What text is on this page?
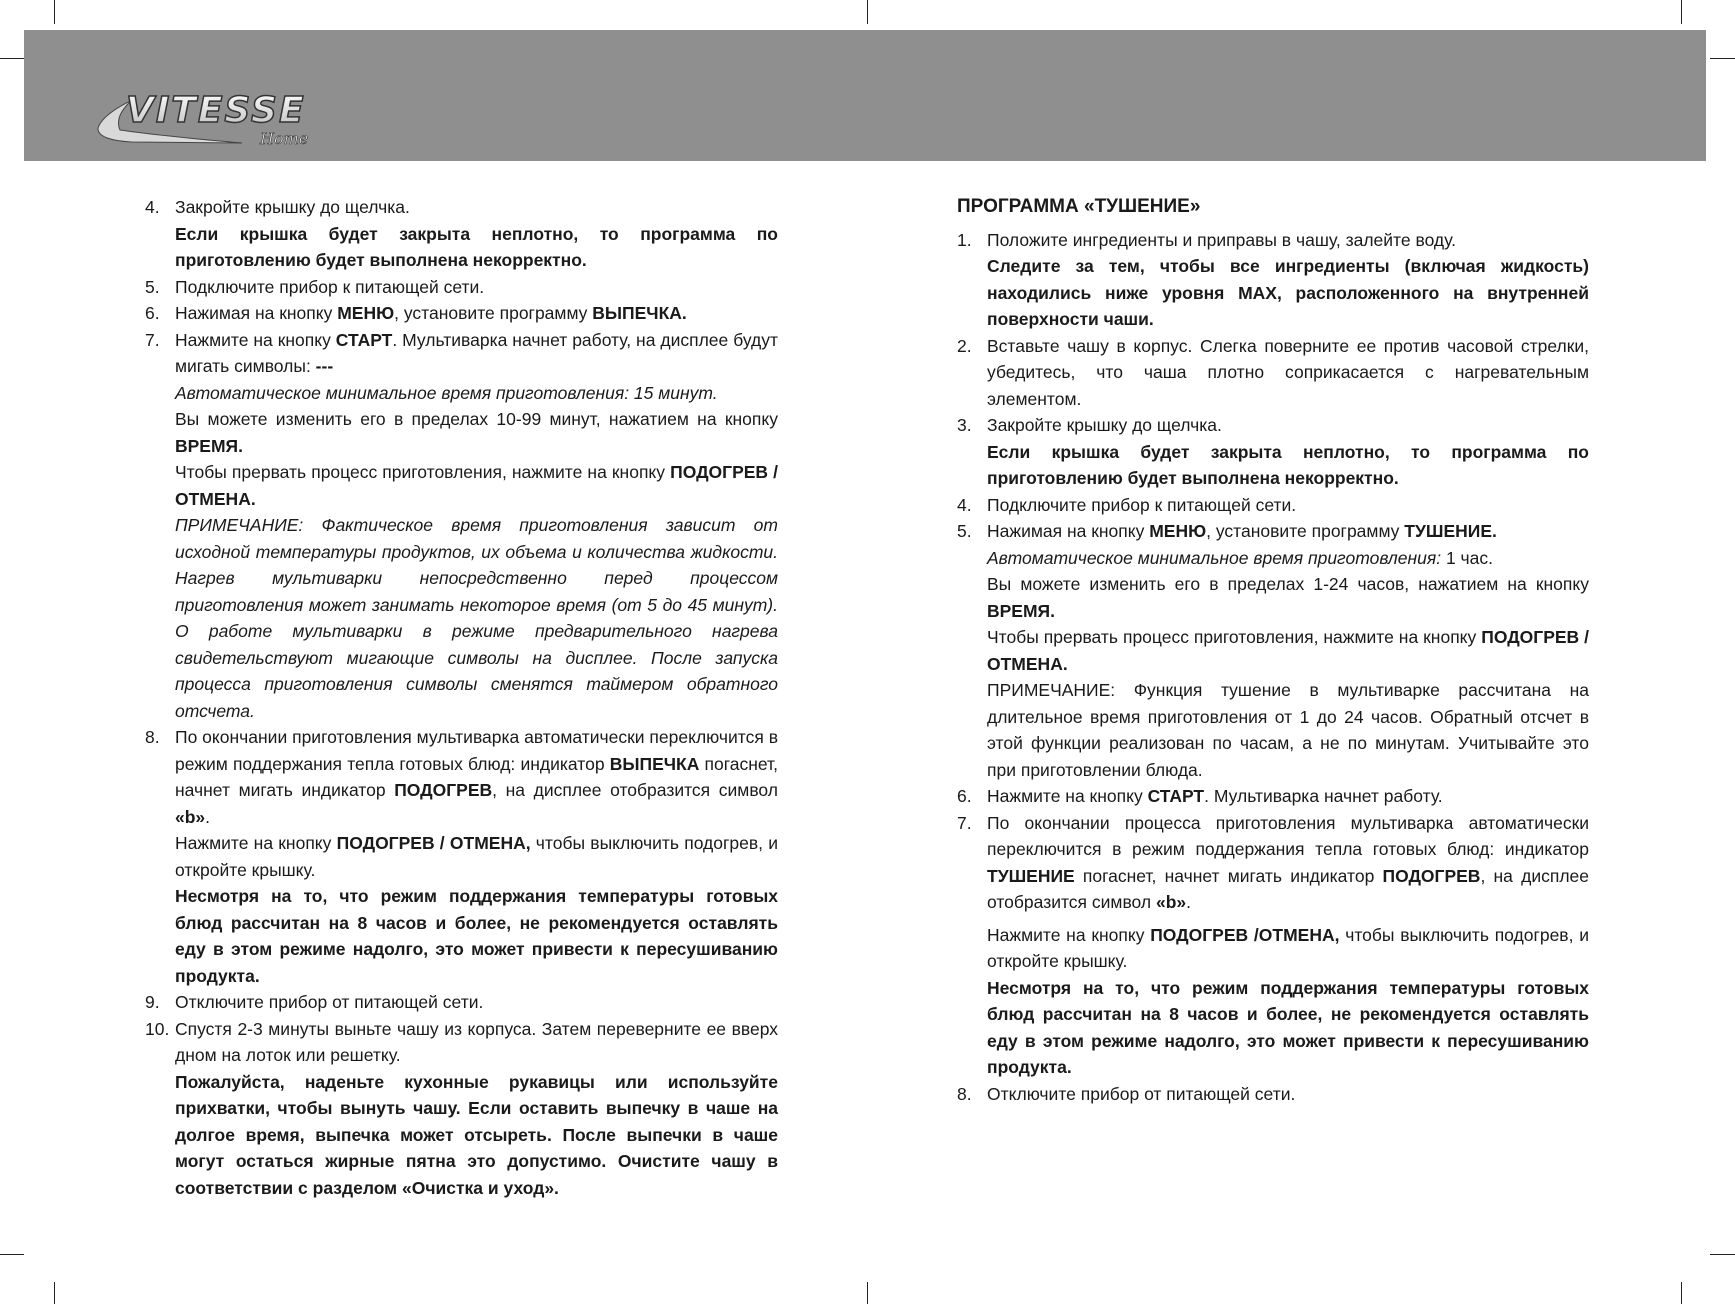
VITESSE
Home
4. Закройте крышку до щелчка.

Если крышка будет закрыта неплотно, то программа по приготовлению будет выполнена некорректно.

5. Подключите прибор к питающей сети.

6. Нажимая на кнопку МЕНЮ, установите программу ВЫПЕЧКА.

7. Нажмите на кнопку СТАРТ. Мультиварка начнет работу, на дисплее будут мигать символы: ---

Автоматическое минимальное время приготовления: 15 минут.

Вы можете изменить его в пределах 10-99 минут, нажатием на кнопку ВРЕМЯ.

Чтобы прервать процесс приготовления, нажмите на кнопку ПОДОГРЕВ /ОТМЕНА.

ПРИМЕЧАНИЕ: Фактическое время приготовления зависит от исходной температуры продуктов, их объема и количества жидкости. Нагрев мультиварки непосредственно перед процессом приготовления может занимать некоторое время (от 5 до 45 минут). О работе мультиварки в режиме предварительного нагрева свидетельствуют мигающие символы на дисплее. После запуска процесса приготовления символы сменятся таймером обратного отсчета.

8. По окончании приготовления мультиварка автоматически переключится в режим поддержания тепла готовых блюд: индикатор ВЫПЕЧКА погаснет, начнет мигать индикатор ПОДОГРЕВ, на дисплее отобразится символ «b».

Нажмите на кнопку ПОДОГРЕВ / ОТМЕНА, чтобы выключить подогрев, и откройте крышку.

Несмотря на то, что режим поддержания температуры готовых блюд рассчитан на 8 часов и более, не рекомендуется оставлять еду в этом режиме надолго, это может привести к пересушиванию продукта.

9. Отключите прибор от питающей сети.

10. Спустя 2-3 минуты выньте чашу из корпуса. Затем переверните ее вверх дном на лоток или решетку.

Пожалуйста, наденьте кухонные рукавицы или используйте прихватки, чтобы вынуть чашу. Если оставить выпечку в чаше на долгое время, выпечка может отсыреть. После выпечки в чаше могут остаться жирные пятна это допустимо. Очистите чашу в соответствии с разделом «Очистка и уход».

ПРОГРАММА «ТУШЕНИЕ»
1. Положите ингредиенты и приправы в чашу, залейте воду.

Следите за тем, чтобы все ингредиенты (включая жидкость) находились ниже уровня MAX, расположенного на внутренней поверхности чаши.

2. Вставьте чашу в корпус. Слегка поверните ее против часовой стрелки, убедитесь, что чаша плотно соприкасается с нагревательным элементом.

3. Закройте крышку до щелчка.

Если крышка будет закрыта неплотно, то программа по приготовлению будет выполнена некорректно.

4. Подключите прибор к питающей сети.

5. Нажимая на кнопку МЕНЮ, установите программу ТУШЕНИЕ.

Автоматическое минимальное время приготовления: 1 час.

Вы можете изменить его в пределах 1-24 часов, нажатием на кнопку ВРЕМЯ.

Чтобы прервать процесс приготовления, нажмите на кнопку ПОДОГРЕВ /ОТМЕНА.

ПРИМЕЧАНИЕ: Функция тушение в мультиварке рассчитана на длительное время приготовления от 1 до 24 часов. Обратный отсчет в этой функции реализован по часам, а не по минутам. Учитывайте это при приготовлении блюда.

6. Нажмите на кнопку СТАРТ. Мультиварка начнет работу.

7. По окончании процесса приготовления мультиварка автоматически переключится в режим поддержания тепла готовых блюд: индикатор ТУШЕНИЕ погаснет, начнет мигать индикатор ПОДОГРЕВ, на дисплее отобразится символ «b».

Нажмите на кнопку ПОДОГРЕВ /ОТМЕНА, чтобы выключить подогрев, и откройте крышку.

Несмотря на то, что режим поддержания температуры готовых блюд рассчитан на 8 часов и более, не рекомендуется оставлять еду в этом режиме надолго, это может привести к пересушиванию продукта.

8. Отключите прибор от питающей сети.
